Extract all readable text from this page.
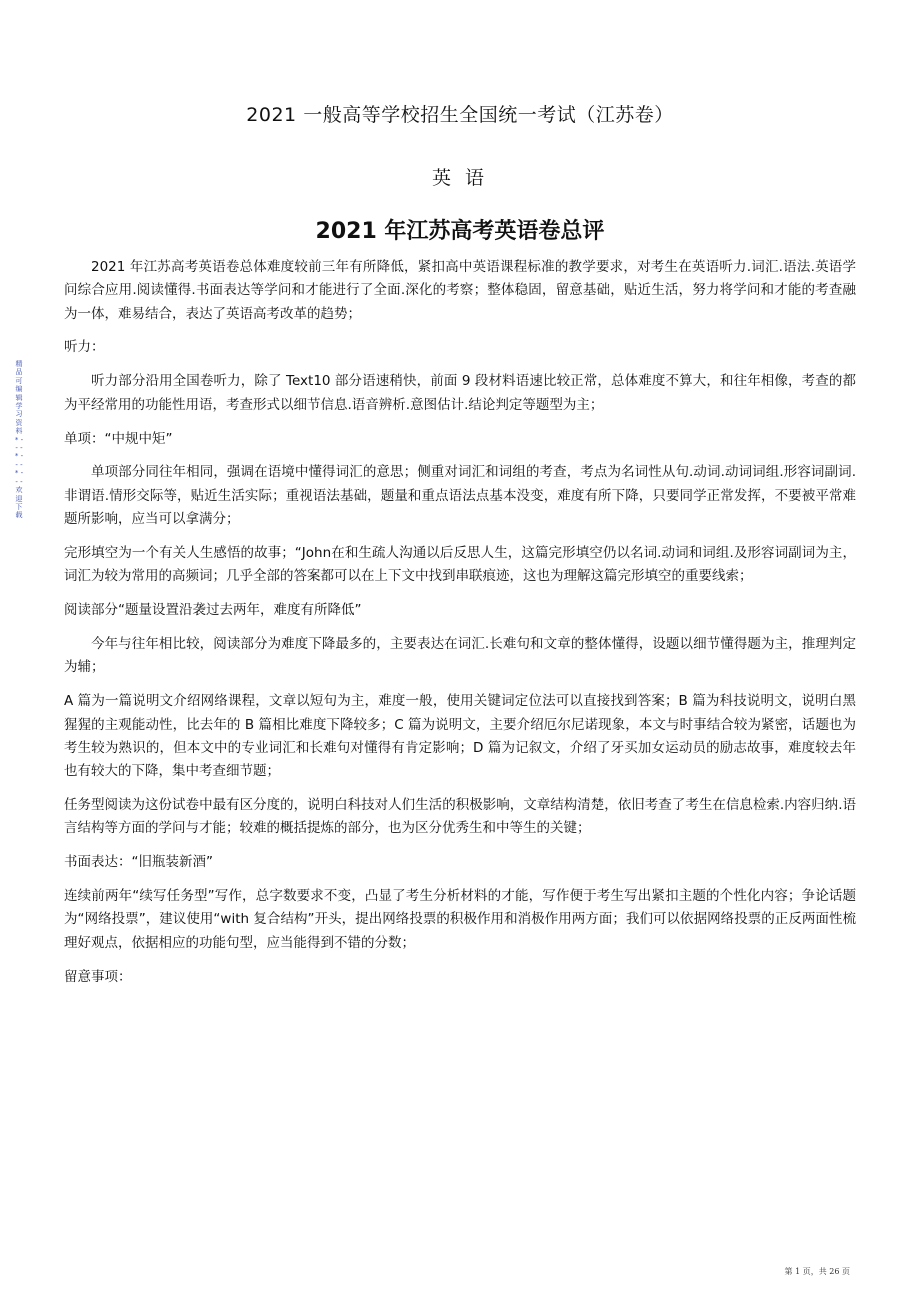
2021 一般高等学校招生全国统一考试（江苏卷）
英 语
2021 年江苏高考英语卷总评
精品可编辑学习资料 * - - - * - - - * - - - 欢迎下载

2021 年江苏高考英语卷总体难度较前三年有所降低，紧扣高中英语课程标准的教学要求，对考生在英语听力.词汇.语法.英语学问综合应用.阅读懂得.书面表达等学问和才能进行了全面.深化的考察；整体稳固，留意基础，贴近生活，努力将学问和才能的考查融为一体，难易结合，表达了英语高考改革的趋势；

听力：

听力部分沿用全国卷听力，除了 Text10 部分语速稍快，前面 9 段材料语速比较正常，总体难度不算大，和往年相像，考查的都为平经常用的功能性用语，考查形式以细节信息.语音辨析.意图估计.结论判定等题型为主；

单项：“中规中矩”

单项部分同往年相同，强调在语境中懂得词汇的意思；侧重对词汇和词组的考查，考点为名词性从句.动词.动词词组.形容词副词.非谓语.情形交际等，贴近生活实际；重视语法基础，题量和重点语法点基本没变，难度有所下降，只要同学正常发挥，不要被平常难题所影响，应当可以拿满分；

完形填空为一个有关人生感悟的故事；“John在和生疏人沟通以后反思人生，这篇完形填空仍以名词.动词和词组.及形容词副词为主，词汇为较为常用的高频词；几乎全部的答案都可以在上下文中找到串联痕迹，这也为理解这篇完形填空的重要线索；

阅读部分“题量设置沿袭过去两年，难度有所降低”

今年与往年相比较，阅读部分为难度下降最多的，主要表达在词汇.长难句和文章的整体懂得，设题以细节懂得题为主，推理判定为辅；

A 篇为一篇说明文介绍网络课程，文章以短句为主，难度一般，使用关键词定位法可以直接找到答案；B 篇为科技说明文，说明白黑猩猩的主观能动性，比去年的 B 篇相比难度下降较多；C 篇为说明文，主要介绍厄尔尼诺现象，本文与时事结合较为紧密，话题也为考生较为熟识的，但本文中的专业词汇和长难句对懂得有肯定影响；D 篇为记叙文，介绍了牙买加女运动员的励志故事，难度较去年也有较大的下降，集中考查细节题；

任务型阅读为这份试卷中最有区分度的，说明白科技对人们生活的积极影响，文章结构清楚，依旧考查了考生在信息检索.内容归纳.语言结构等方面的学问与才能；较难的概括提炼的部分，也为区分优秀生和中等生的关键；

书面表达：“旧瓶装新酒”

连续前两年“续写任务型”写作，总字数要求不变，凸显了考生分析材料的才能，写作便于考生写出紧扣主题的个性化内容；争论话题为“网络投票”，建议使用“with 复合结构”开头，提出网络投票的积极作用和消极作用两方面；我们可以依据网络投票的正反两面性梳理好观点，依据相应的功能句型，应当能得到不错的分数；

留意事项：

第 1 页，共 26 页
